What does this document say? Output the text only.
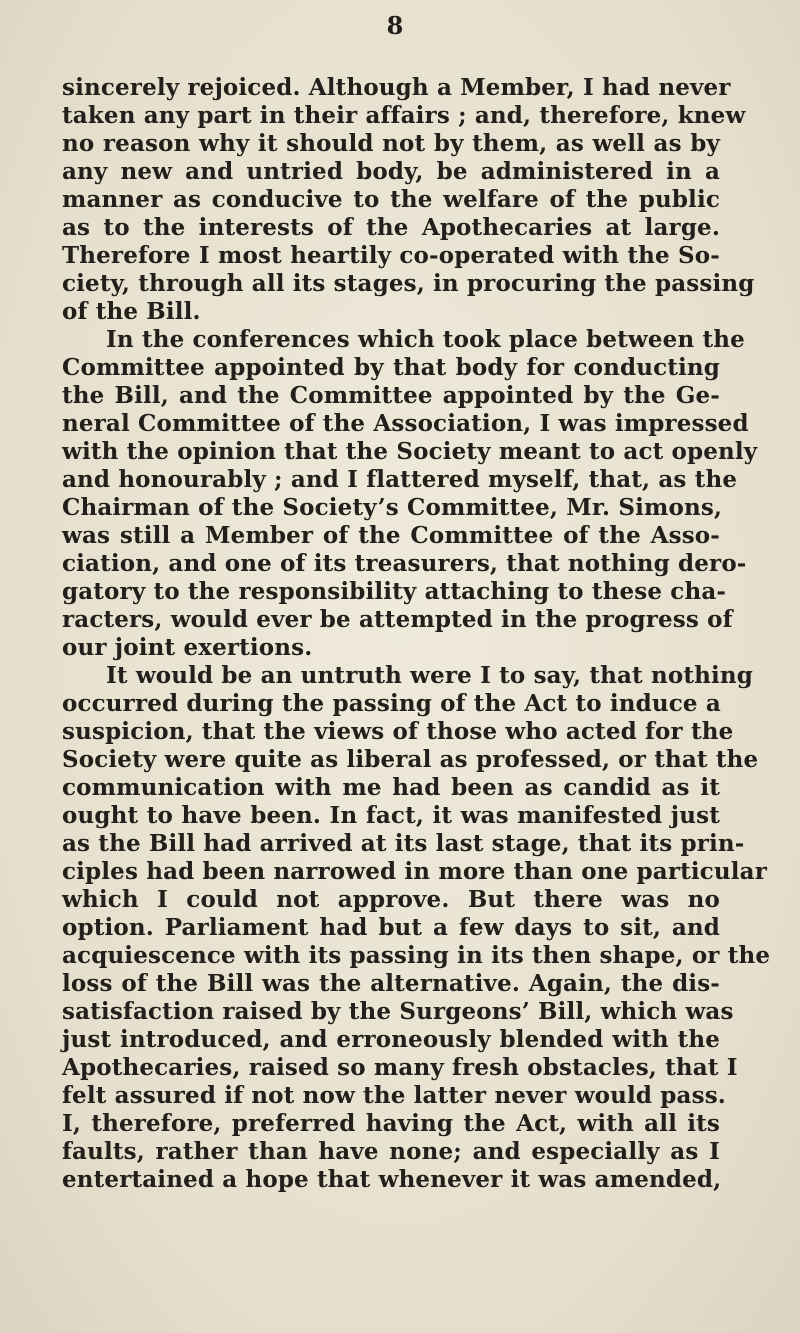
8
sincerely rejoiced. Although a Member, I had never
taken any part in their affairs ; and, therefore, knew
no reason why it should not by them, as well as by
any new and untried body, be administered in a
manner as conducive to the welfare of the public
as to the interests of the Apothecaries at large.
Therefore I most heartily co-operated with the So-
ciety, through all its stages, in procuring the passing
of the Bill.
In the conferences which took place between the
Committee appointed by that body for conducting
the Bill, and the Committee appointed by the Ge-
neral Committee of the Association, I was impressed
with the opinion that the Society meant to act openly
and honourably ; and I flattered myself, that, as the
Chairman of the Society’s Committee, Mr. Simons,
was still a Member of the Committee of the Asso-
ciation, and one of its treasurers, that nothing dero-
gatory to the responsibility attaching to these cha-
racters, would ever be attempted in the progress of
our joint exertions.
It would be an untruth were I to say, that nothing
occurred during the passing of the Act to induce a
suspicion, that the views of those who acted for the
Society were quite as liberal as professed, or that the
communication with me had been as candid as it
ought to have been. In fact, it was manifested just
as the Bill had arrived at its last stage, that its prin-
ciples had been narrowed in more than one particular
which I could not approve. But there was no
option. Parliament had but a few days to sit, and
acquiescence with its passing in its then shape, or the
loss of the Bill was the alternative. Again, the dis-
satisfaction raised by the Surgeons’ Bill, which was
just introduced, and erroneously blended with the
Apothecaries, raised so many fresh obstacles, that I
felt assured if not now the latter never would pass.
I, therefore, preferred having the Act, with all its
faults, rather than have none; and especially as I
entertained a hope that whenever it was amended,
